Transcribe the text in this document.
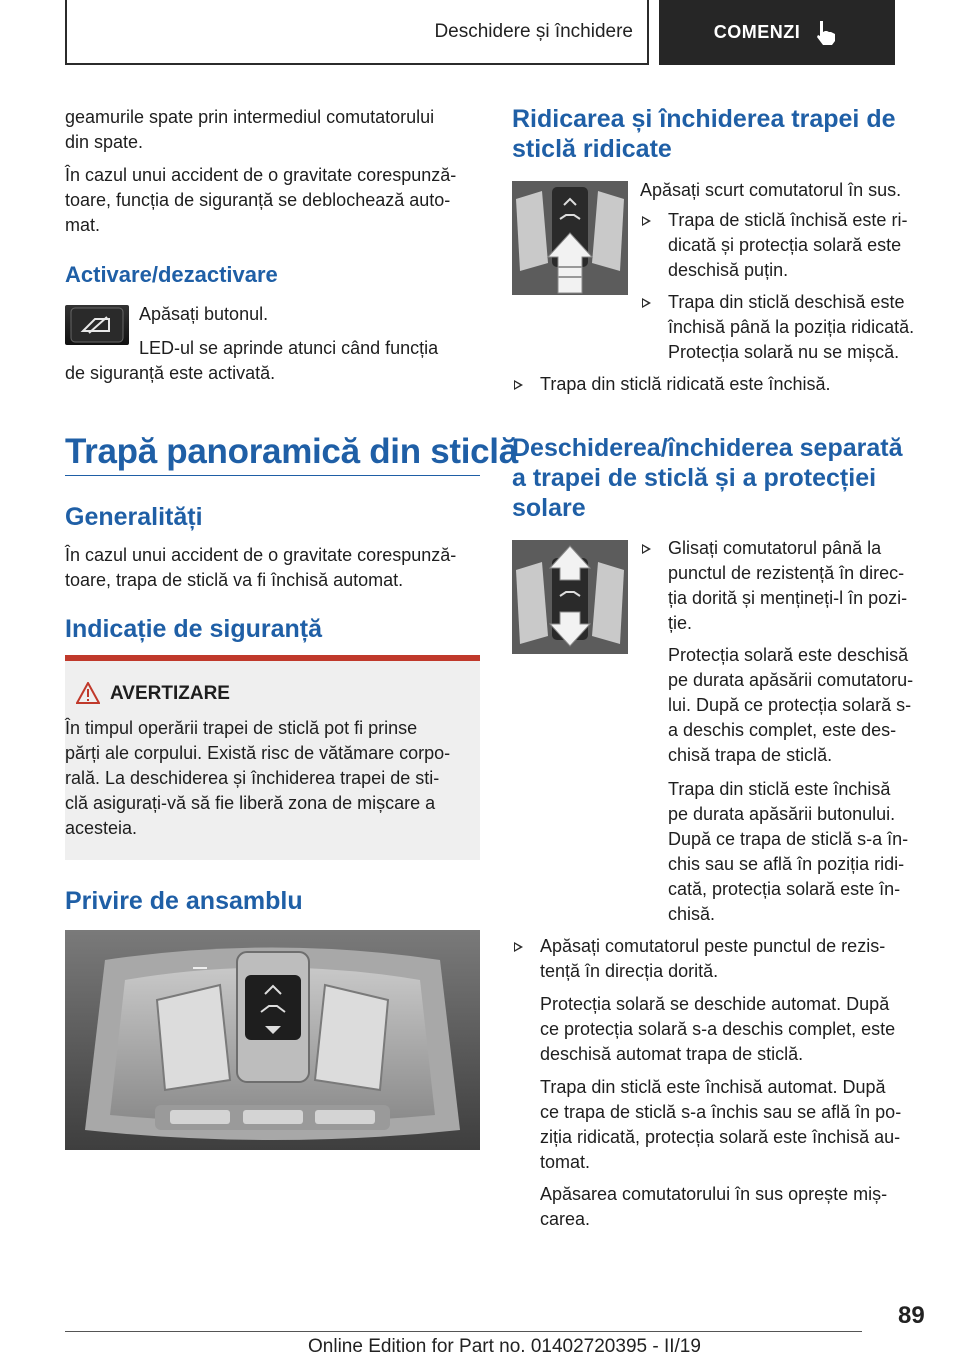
Deschidere și închidere	COMENZI
geamurile spate prin intermediul comutatorului
din spate.
În cazul unui accident de o gravitate corespunză-
toare, funcția de siguranță se deblochează auto-
mat.
Activare/dezactivare
Apăsați butonul.
LED-ul se aprinde atunci când funcția
de siguranță este activată.
Trapă panoramică din sticlă
Generalități
În cazul unui accident de o gravitate corespunză-
toare, trapa de sticlă va fi închisă automat.
Indicație de siguranță
AVERTIZARE
În timpul operării trapei de sticlă pot fi prinse
părți ale corpului. Există risc de vătămare corpo-
rală. La deschiderea și închiderea trapei de sti-
clă asigurați-vă să fie liberă zona de mișcare a
acesteia.
Privire de ansamblu
Ridicarea și închiderea trapei de
sticlă ridicate
Apăsați scurt comutatorul în sus.
Trapa de sticlă închisă este ri-
dicată și protecția solară este
deschisă puțin.
Trapa din sticlă deschisă este
închisă până la poziția ridicată.
Protecția solară nu se mișcă.
Trapa din sticlă ridicată este închisă.
Deschiderea/închiderea separată
a trapei de sticlă și a protecției
solare
Glisați comutatorul până la
punctul de rezistență în direc-
ția dorită și mențineți-l în pozi-
ție.
Protecția solară este deschisă
pe durata apăsării comutatoru-
lui. După ce protecția solară s-
a deschis complet, este des-
chisă trapa de sticlă.
Trapa din sticlă este închisă
pe durata apăsării butonului.
După ce trapa de sticlă s-a în-
chis sau se află în poziția ridi-
cată, protecția solară este în-
chisă.
Apăsați comutatorul peste punctul de rezis-
tență în direcția dorită.
Protecția solară se deschide automat. După
ce protecția solară s-a deschis complet, este
deschisă automat trapa de sticlă.
Trapa din sticlă este închisă automat. După
ce trapa de sticlă s-a închis sau se află în po-
ziția ridicată, protecția solară este închisă au-
tomat.
Apăsarea comutatorului în sus oprește miș-
carea.
89
Online Edition for Part no. 01402720395 - II/19
